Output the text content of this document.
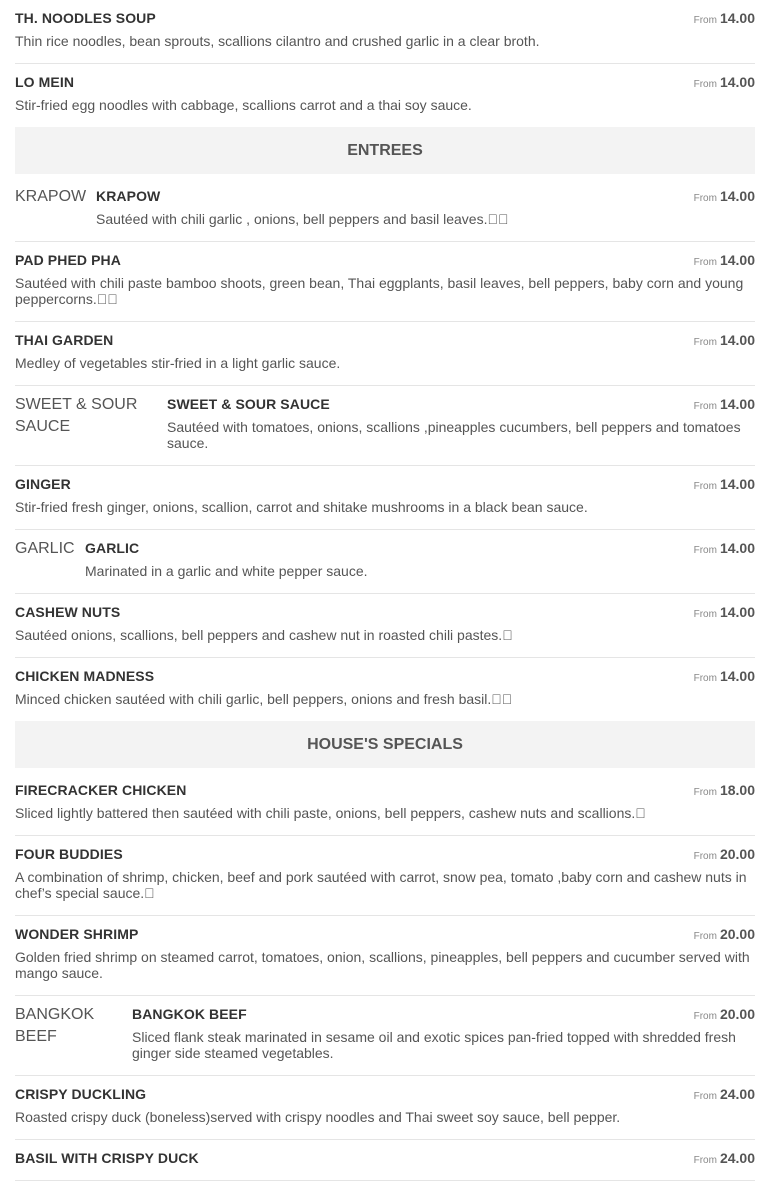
TH. NOODLES SOUP	From 14.00
Thin rice noodles, bean sprouts, scallions cilantro and crushed garlic in a clear broth.
LO MEIN	From 14.00
Stir-fried egg noodles with cabbage, scallions carrot and a thai soy sauce.
ENTREES
KRAPOW KRAPOW	From 14.00
Sautéed with chili garlic , onions, bell peppers and basil leaves.  
PAD PHED PHA	From 14.00
Sautéed with chili paste bamboo shoots, green bean, Thai eggplants, basil leaves, bell peppers, baby corn and young peppercorns.  
THAI GARDEN	From 14.00
Medley of vegetables stir-fried in a light garlic sauce.
SWEET & SOUR SAUCE
SWEET & SOUR SAUCE	From 14.00
Sautéed with tomatoes, onions, scallions ,pineapples cucumbers, bell peppers and tomatoes sauce.
GINGER	From 14.00
Stir-fried fresh ginger, onions, scallion, carrot and shitake mushrooms in a black bean sauce.
GARLIC GARLIC	From 14.00
Marinated in a garlic and white pepper sauce.
CASHEW NUTS	From 14.00
Sautéed onions, scallions, bell peppers and cashew nut in roasted chili pastes. 
CHICKEN MADNESS	From 14.00
Minced chicken sautéed with chili garlic, bell peppers, onions and fresh basil.  
HOUSE'S SPECIALS
FIRECRACKER CHICKEN	From 18.00
Sliced lightly battered then sautéed with chili paste, onions, bell peppers, cashew nuts and scallions. 
FOUR BUDDIES	From 20.00
A combination of shrimp, chicken, beef and pork sautéed with carrot, snow pea, tomato ,baby corn and cashew nuts in chef’s special sauce. 
WONDER SHRIMP	From 20.00
Golden fried shrimp on steamed carrot, tomatoes, onion, scallions, pineapples, bell peppers and cucumber served with mango sauce.
BANGKOK BEEF
BANGKOK BEEF	From 20.00
Sliced flank steak marinated in sesame oil and exotic spices pan-fried topped with shredded fresh ginger side steamed vegetables.
CRISPY DUCKLING	From 24.00
Roasted crispy duck (boneless)served with crispy noodles and Thai sweet soy sauce, bell pepper.
BASIL WITH CRISPY DUCK	From 24.00
